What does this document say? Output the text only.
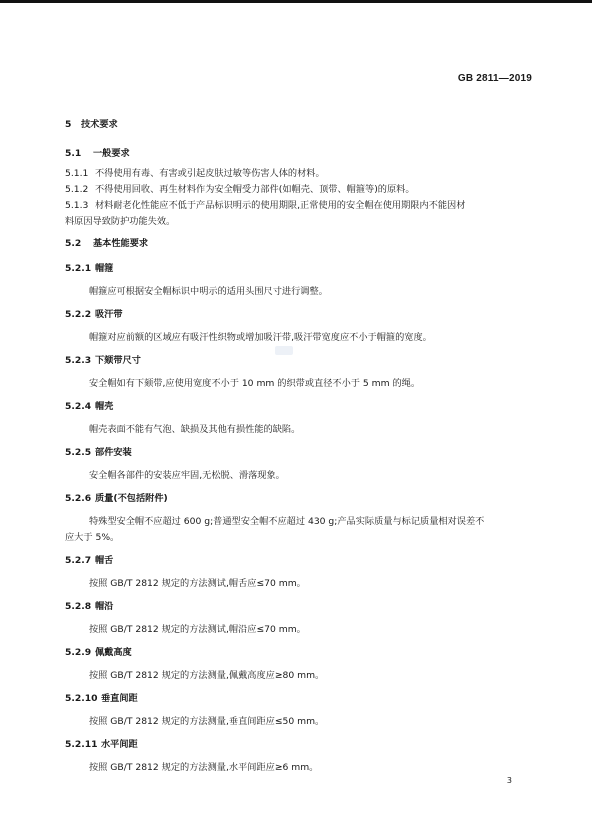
GB 2811—2019
5 技术要求
5.1 一般要求
5.1.1 不得使用有毒、有害或引起皮肤过敏等伤害人体的材料。
5.1.2 不得使用回收、再生材料作为安全帽受力部件(如帽壳、顶带、帽箍等)的原料。
5.1.3 材料耐老化性能应不低于产品标识明示的使用期限,正常使用的安全帽在使用期限内不能因材
料原因导致防护功能失效。
5.2 基本性能要求
5.2.1 帽箍
帽箍应可根据安全帽标识中明示的适用头围尺寸进行调整。
5.2.2 吸汗带
帽箍对应前额的区域应有吸汗性织物或增加吸汗带,吸汗带宽度应不小于帽箍的宽度。
5.2.3 下颏带尺寸
安全帽如有下颏带,应使用宽度不小于 10 mm 的织带或直径不小于 5 mm 的绳。
5.2.4 帽壳
帽壳表面不能有气泡、缺损及其他有损性能的缺陷。
5.2.5 部件安装
安全帽各部件的安装应牢固,无松脱、滑落现象。
5.2.6 质量(不包括附件)
特殊型安全帽不应超过 600 g;普通型安全帽不应超过 430 g;产品实际质量与标记质量相对误差不
应大于 5%。
5.2.7 帽舌
按照 GB/T 2812 规定的方法测试,帽舌应≤70 mm。
5.2.8 帽沿
按照 GB/T 2812 规定的方法测试,帽沿应≤70 mm。
5.2.9 佩戴高度
按照 GB/T 2812 规定的方法测量,佩戴高度应≥80 mm。
5.2.10 垂直间距
按照 GB/T 2812 规定的方法测量,垂直间距应≤50 mm。
5.2.11 水平间距
按照 GB/T 2812 规定的方法测量,水平间距应≥6 mm。
3
